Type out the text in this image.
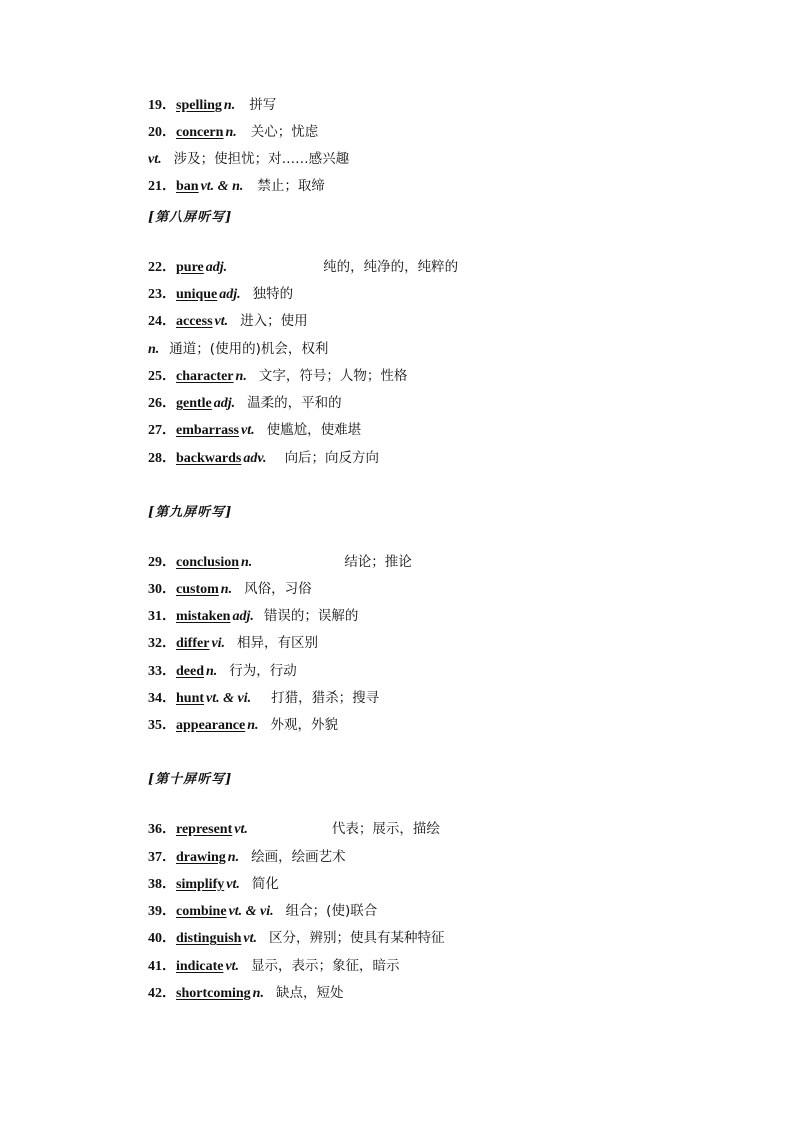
19．spelling n. 拼写
20．concern n. 关心；忧虑
vt. 涉及；使担忧；对……感兴趣
21．ban vt. & n. 禁止；取缔
[第八屏听写]
22．pure adj.	纯的，纯净的，纯粹的
23．unique adj. 独特的
24．access vt. 进入；使用
n. 通道；(使用的)机会，权利
25．character n. 文字，符号；人物；性格
26．gentle adj. 温柔的，平和的
27．embarrass vt. 使尴尬，使难堪
28．backwards adv. 向后；向反方向
[第九屏听写]
29．conclusion n.	结论；推论
30．custom n. 风俗，习俗
31．mistaken adj. 错误的；误解的
32．differ vi. 相异，有区别
33．deed n. 行为，行动
34．hunt vt. & vi. 打猎，猎杀；搜寻
35．appearance n. 外观，外貌
[第十屏听写]
36．represent vt.	代表；展示，描绘
37．drawing n. 绘画，绘画艺术
38．simplify vt. 简化
39．combine vt. & vi. 组合；(使)联合
40．distinguish vt. 区分，辨别；使具有某种特征
41．indicate vt. 显示，表示；象征，暗示
42．shortcoming n. 缺点，短处
